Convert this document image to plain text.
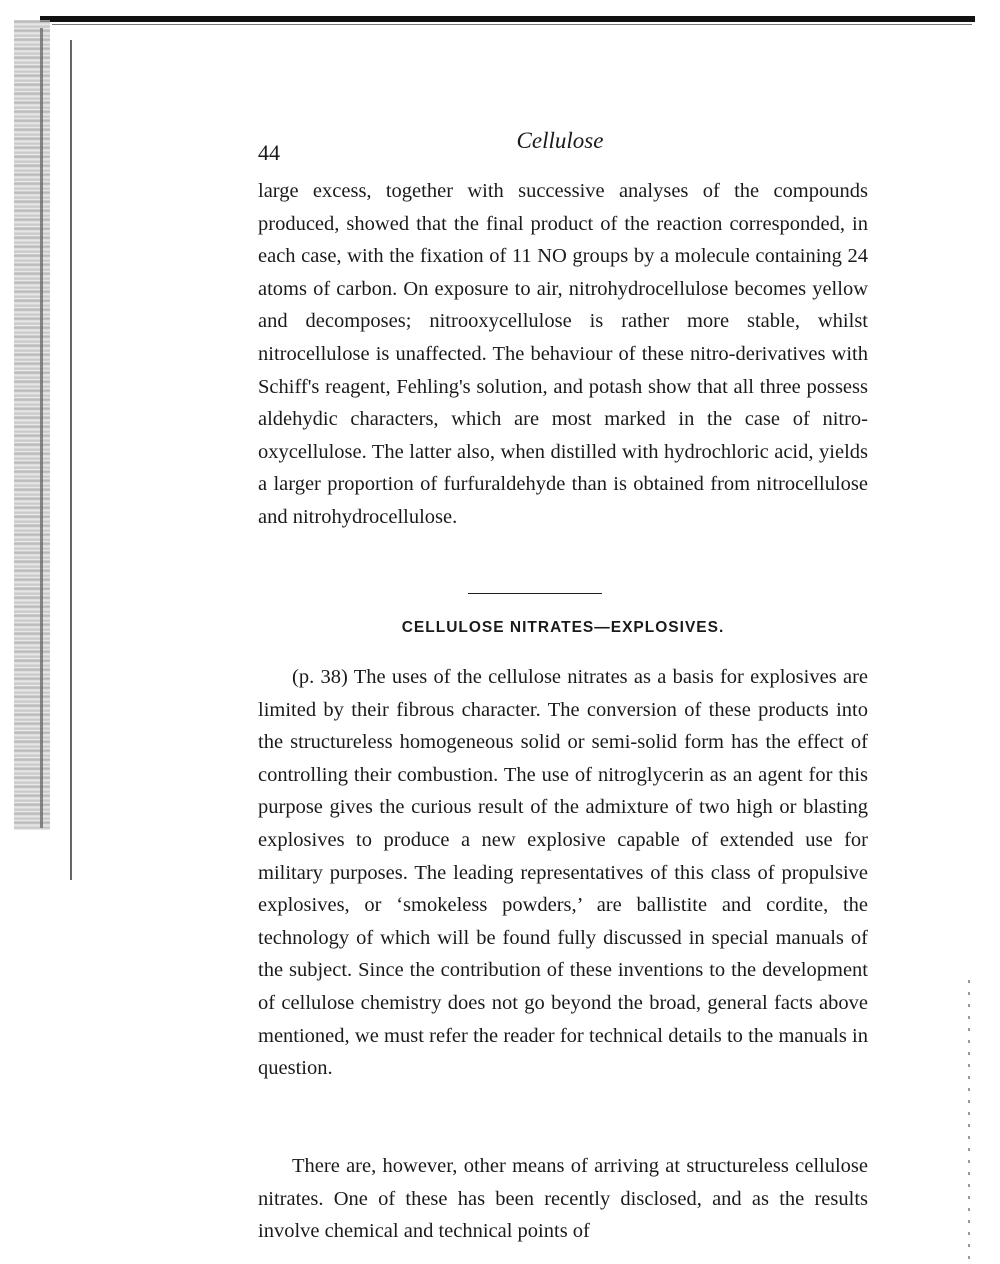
44	Cellulose

large excess, together with successive analyses of the compounds produced, showed that the final product of the reaction corresponded, in each case, with the fixation of 11 NO groups by a molecule containing 24 atoms of carbon. On exposure to air, nitrohydrocellulose becomes yellow and decomposes; nitrooxycellulose is rather more stable, whilst nitrocellulose is unaffected. The behaviour of these nitro-derivatives with Schiff's reagent, Fehling's solution, and potash show that all three possess aldehydic characters, which are most marked in the case of nitro-oxycellulose. The latter also, when distilled with hydrochloric acid, yields a larger proportion of furfuraldehyde than is obtained from nitrocellulose and nitrohydrocellulose.

CELLULOSE NITRATES—EXPLOSIVES.

(p. 38) The uses of the cellulose nitrates as a basis for explosives are limited by their fibrous character. The conversion of these products into the structureless homogeneous solid or semi-solid form has the effect of controlling their combustion. The use of nitroglycerin as an agent for this purpose gives the curious result of the admixture of two high or blasting explosives to produce a new explosive capable of extended use for military purposes. The leading representatives of this class of propulsive explosives, or ‘smokeless powders,’ are ballistite and cordite, the technology of which will be found fully discussed in special manuals of the subject. Since the contribution of these inventions to the development of cellulose chemistry does not go beyond the broad, general facts above mentioned, we must refer the reader for technical details to the manuals in question.

There are, however, other means of arriving at structureless cellulose nitrates. One of these has been recently disclosed, and as the results involve chemical and technical points of
